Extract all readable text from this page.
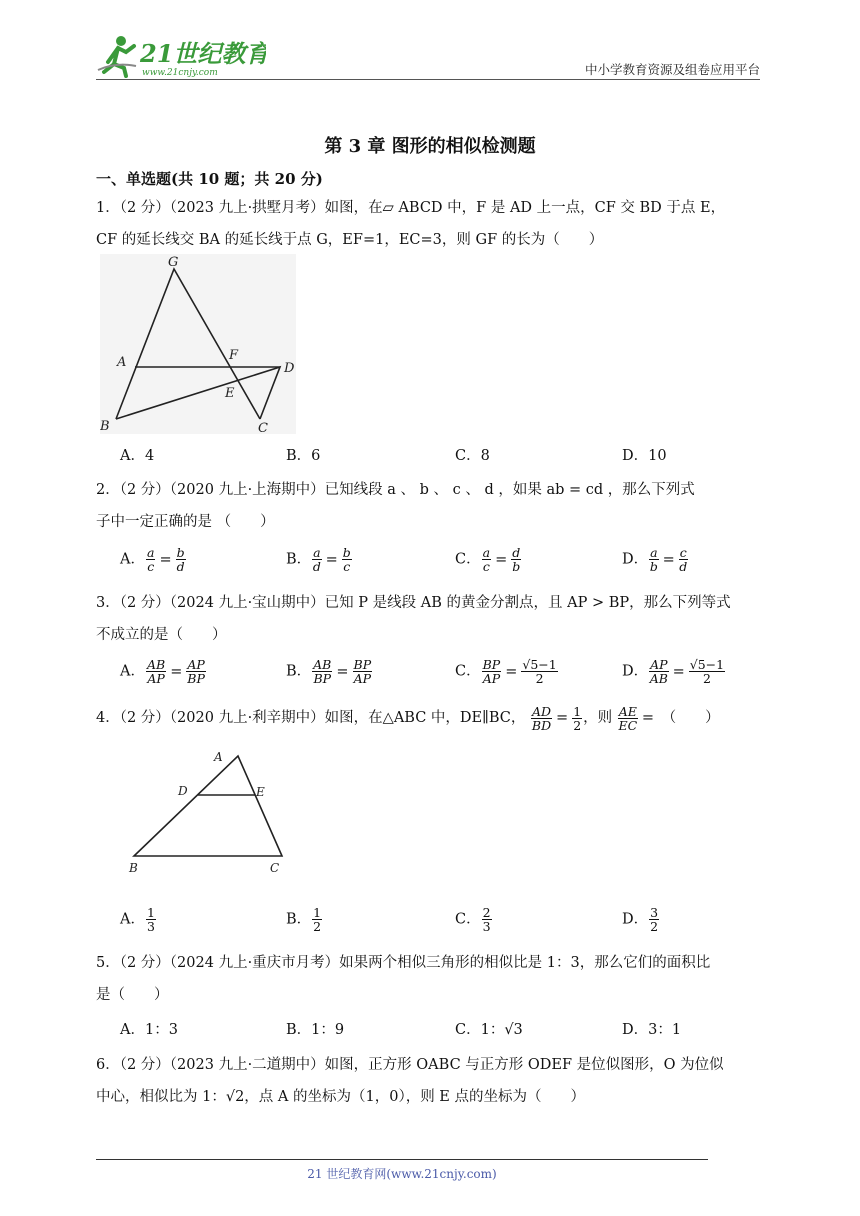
21世纪教育
www.21cnjy.com	中小学教育资源及组卷应用平台
第 3 章 图形的相似检测题
一、单选题(共 10 题；共 20 分)
1．（2 分）（2023 九上·拱墅月考）如图，在▱ ABCD 中，F 是 AD 上一点，CF 交 BD 于点 E，
CF 的延长线交 BA 的延长线于点 G，EF=1，EC=3，则 GF 的长为（　　）
G
A	F
D
E
B	C
A．4	B．6	C．8	D．10
2．（2 分）（2020 九上·上海期中）已知线段 a 、 b 、 c 、 d ，如果 ab = cd ，那么下列式
子中一定正确的是 （　　）
A． $\frac{a}{c} = \frac{b}{d}$	B． $\frac{a}{d} = \frac{b}{c}$	C． $\frac{a}{c} = \frac{d}{b}$	D． $\frac{a}{b} = \frac{c}{d}$
3．（2 分）（2024 九上·宝山期中）已知 P 是线段 AB 的黄金分割点，且 AP > BP，那么下列等式
不成立的是（　　）
A． $\frac{AB}{AP} = \frac{AP}{BP}$	B． $\frac{AB}{BP} = \frac{BP}{AP}$	C． $\frac{BP}{AP} = \frac{√5-1}{2}$	D． $\frac{AP}{AB} = \frac{√5-1}{2}$
4．（2 分）（2020 九上·利辛期中）如图，在△ABC 中，DE∥BC， $\frac{AD}{BD} = \frac{1}{2}$ ，则 $\frac{AE}{EC}$ = （　　）
A
D	E
B	C
A． $\frac{1}{3}$	B． $\frac{1}{2}$	C． $\frac{2}{3}$	D． $\frac{3}{2}$
5．（2 分）（2024 九上·重庆市月考）如果两个相似三角形的相似比是 1：3，那么它们的面积比
是（　　）
A．1：3	B．1：9	C．1：√3	D．3：1
6．（2 分）（2023 九上·二道期中）如图，正方形 OABC 与正方形 ODEF 是位似图形，O 为位似
中心，相似比为 1：√2，点 A 的坐标为（1，0），则 E 点的坐标为（　　）
21 世纪教育网(www.21cnjy.com)
